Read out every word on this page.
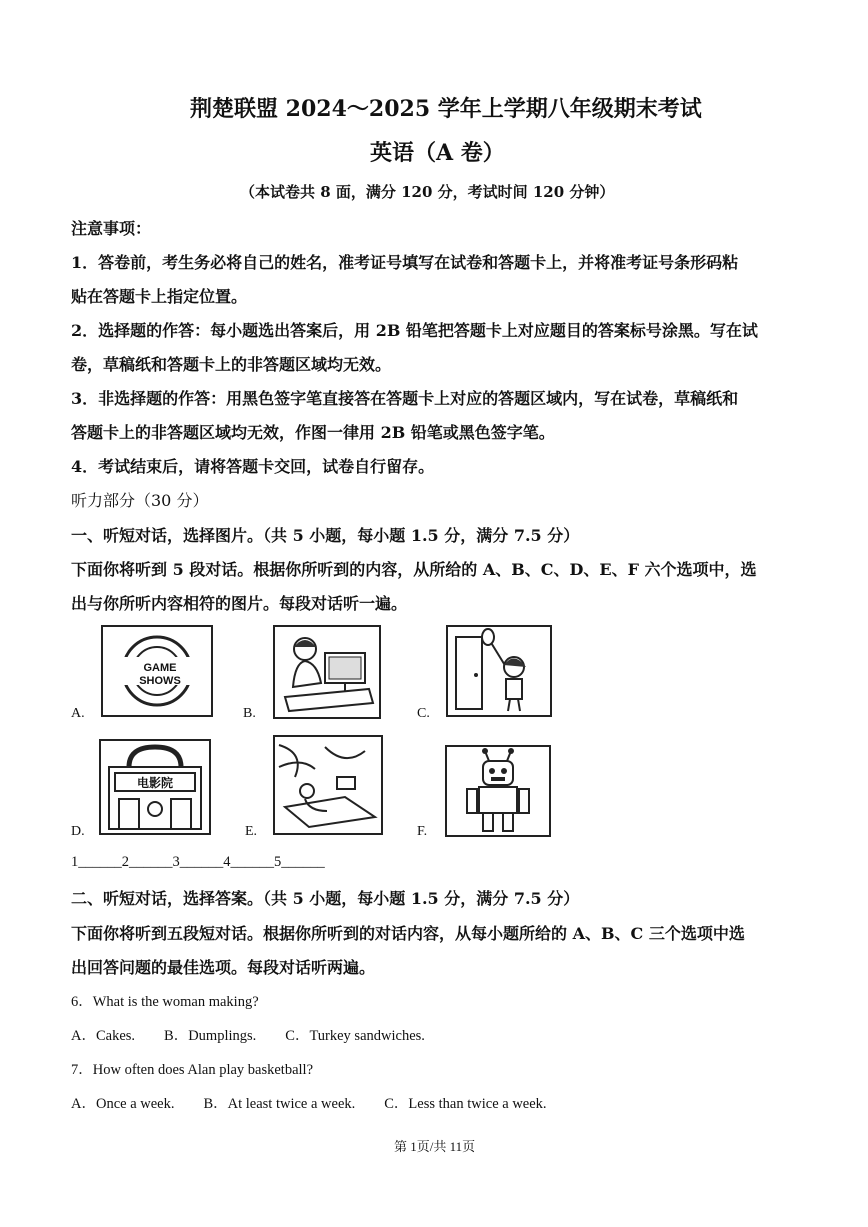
荆楚联盟 2024～2025 学年上学期八年级期末考试
英语（A 卷）
（本试卷共 8 面，满分 120 分，考试时间 120 分钟）
注意事项：
1．答卷前，考生务必将自己的姓名，准考证号填写在试卷和答题卡上，并将准考证号条形码粘
贴在答题卡上指定位置。
2．选择题的作答：每小题选出答案后，用 2B 铅笔把答题卡上对应题目的答案标号涂黑。写在试
卷，草稿纸和答题卡上的非答题区域均无效。
3．非选择题的作答：用黑色签字笔直接答在答题卡上对应的答题区域内，写在试卷，草稿纸和
答题卡上的非答题区域均无效，作图一律用 2B 铅笔或黑色签字笔。
4．考试结束后，请将答题卡交回，试卷自行留存。
听力部分（30 分）
一、听短对话，选择图片。（共 5 小题，每小题 1.5 分，满分 7.5 分）
下面你将听到 5 段对话。根据你所听到的内容，从所给的 A、B、C、D、E、F 六个选项中，选
出与你所听内容相符的图片。每段对话听一遍。
A.
GAME
SHOWS
B.	C.
D.
电影院
E.	F.
1______2______3______4______5______
二、听短对话，选择答案。（共 5 小题，每小题 1.5 分，满分 7.5 分）
下面你将听到五段短对话。根据你所听到的对话内容，从每小题所给的 A、B、C 三个选项中选
出回答问题的最佳选项。每段对话听两遍。
6．What is the woman making?
A．Cakes.　　B．Dumplings.　　C．Turkey sandwiches.
7．How often does Alan play basketball?
A．Once a week.　　B．At least twice a week.　　C．Less than twice a week.
第 1页/共 11页
